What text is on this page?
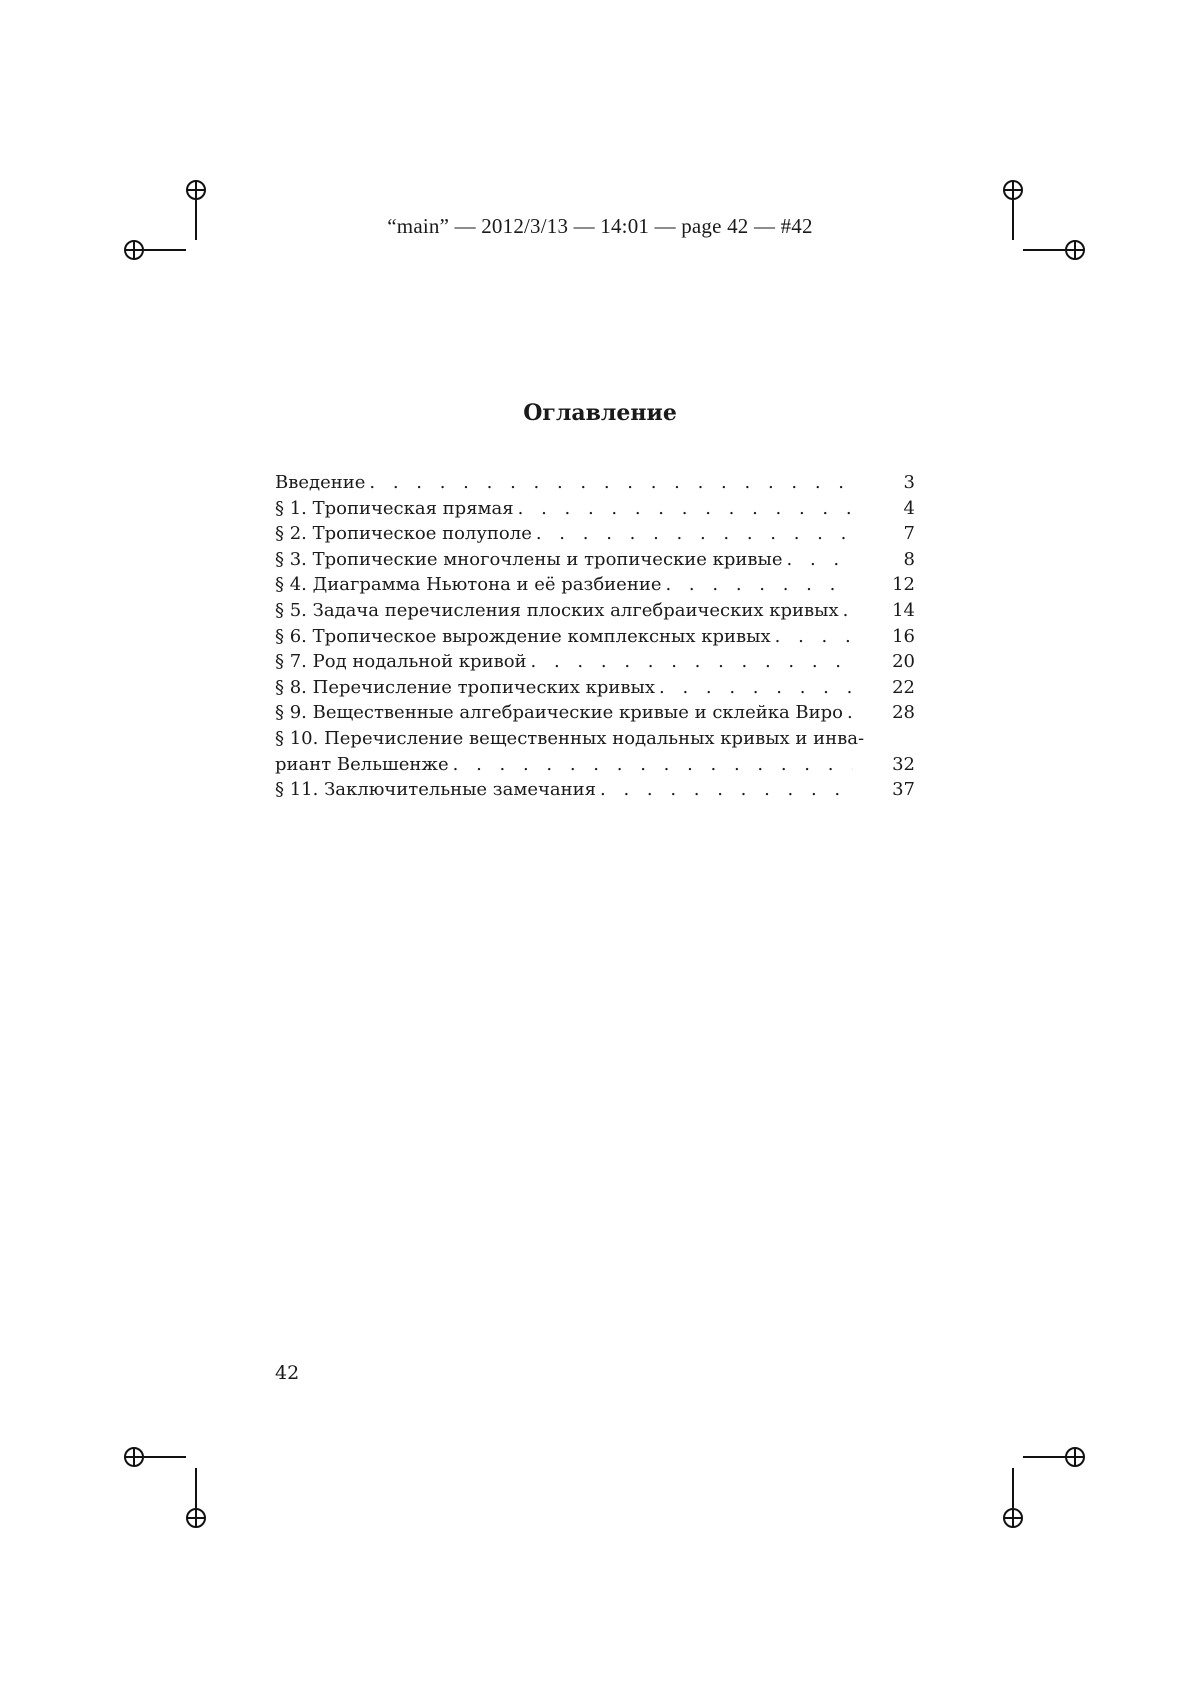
“main” — 2012/3/13 — 14:01 — page 42 — #42
Оглавление
Введение . . .	3
§ 1. Тропическая прямая . . .	4
§ 2. Тропическое полуполе . . .	7
§ 3. Тропические многочлены и тропические кривые . . .	8
§ 4. Диаграмма Ньютона и её разбиение . . .	12
§ 5. Задача перечисления плоских алгебраических кривых . . .	14
§ 6. Тропическое вырождение комплексных кривых . . .	16
§ 7. Род нодальной кривой . . .	20
§ 8. Перечисление тропических кривых . . .	22
§ 9. Вещественные алгебраические кривые и склейка Виро . . .	28
§ 10. Перечисление вещественных нодальных кривых и инва-
риант Вельшенже . . .	32
§ 11. Заключительные замечания . . .	37
42
